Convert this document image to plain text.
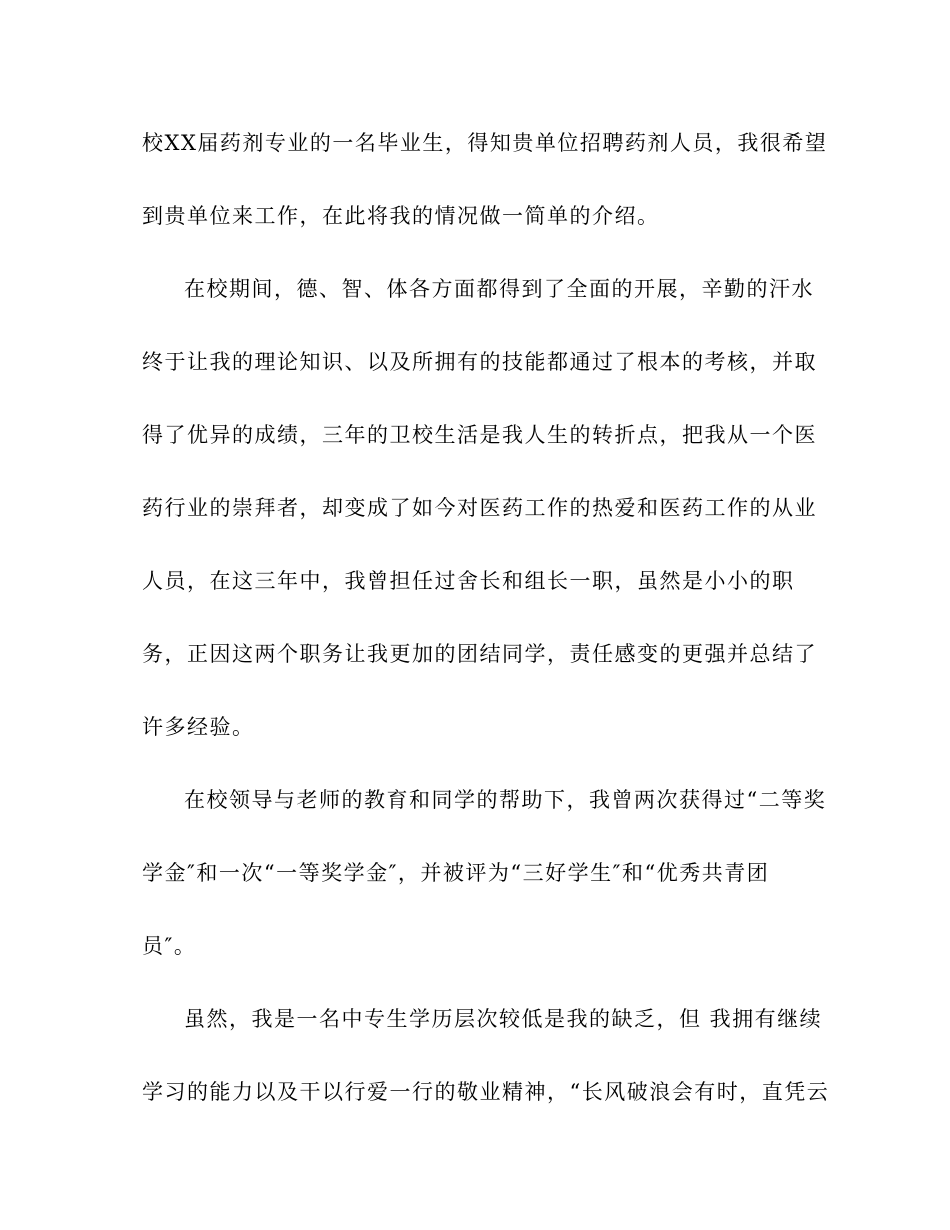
校XX届药剂专业的一名毕业生，得知贵单位招聘药剂人员，我很希望
到贵单位来工作，在此将我的情况做一简单的介绍。
在校期间，德、智、体各方面都得到了全面的开展，辛勤的汗水
终于让我的理论知识、以及所拥有的技能都通过了根本的考核，并取
得了优异的成绩，三年的卫校生活是我人生的转折点，把我从一个医
药行业的崇拜者，却变成了如今对医药工作的热爱和医药工作的从业
人员，在这三年中，我曾担任过舍长和组长一职，虽然是小小的职
务，正因这两个职务让我更加的团结同学，责任感变的更强并总结了
许多经验。
在校领导与老师的教育和同学的帮助下，我曾两次获得过“二等奖
学金″和一次“一等奖学金″，并被评为“三好学生″和“优秀共青团
员″。
虽然，我是一名中专生学历层次较低是我的缺乏，但 我拥有继续
学习的能力以及干以行爱一行的敬业精神，“长风破浪会有时，直凭云
